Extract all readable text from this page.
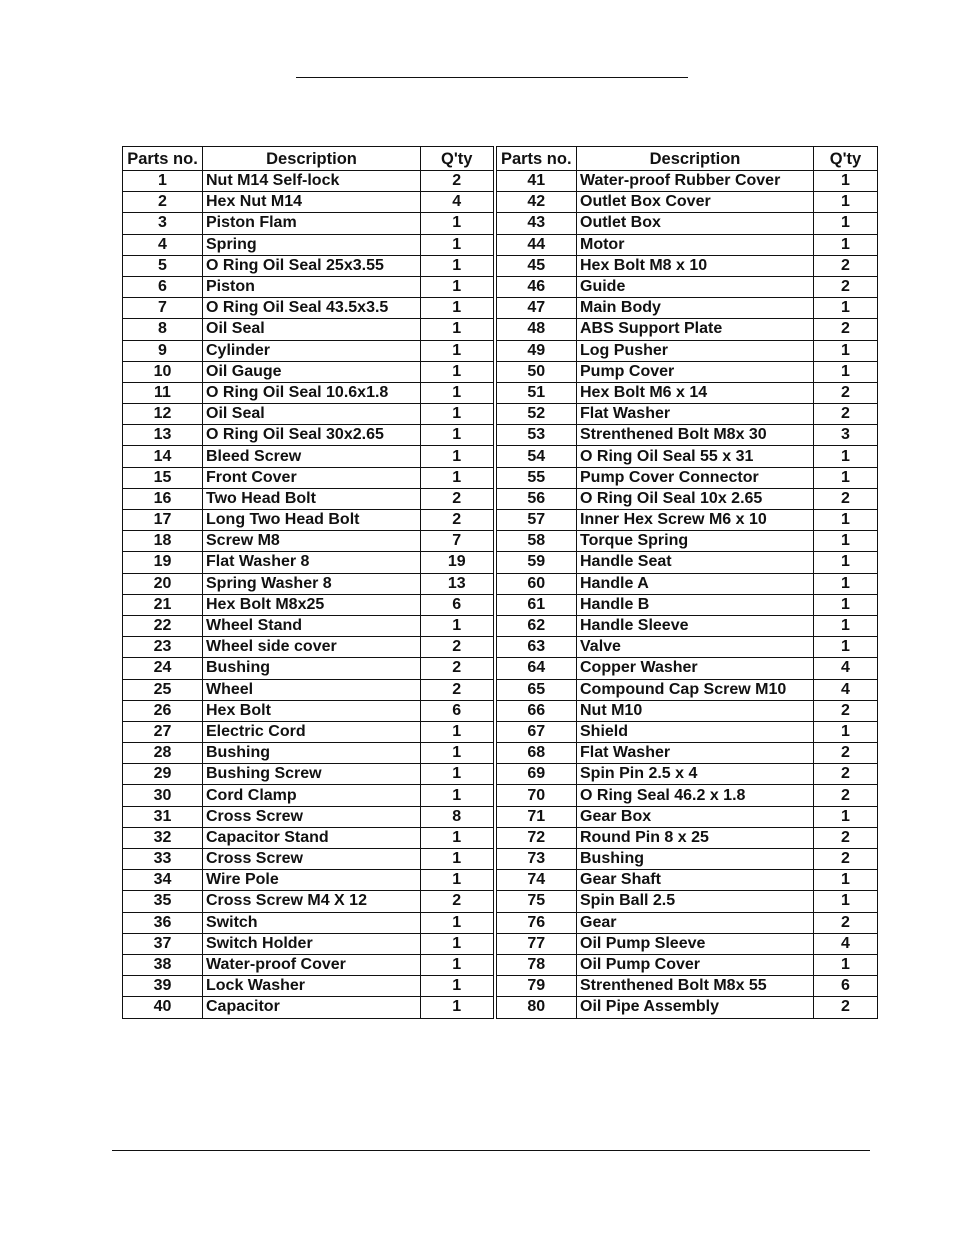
Parts no.	Description	Q'ty	Parts no.	Description	Q'ty
1	Nut M14 Self-lock	2	41	Water-proof Rubber Cover	1
2	Hex Nut M14	4	42	Outlet Box Cover	1
3	Piston Flam	1	43	Outlet Box	1
4	Spring	1	44	Motor	1
5	O Ring Oil Seal 25x3.55	1	45	Hex Bolt M8 x 10	2
6	Piston	1	46	Guide	2
7	O Ring Oil Seal 43.5x3.5	1	47	Main Body	1
8	Oil Seal	1	48	ABS Support Plate	2
9	Cylinder	1	49	Log Pusher	1
10	Oil Gauge	1	50	Pump Cover	1
11	O Ring Oil Seal 10.6x1.8	1	51	Hex Bolt M6 x 14	2
12	Oil Seal	1	52	Flat Washer	2
13	O Ring Oil Seal 30x2.65	1	53	Strenthened Bolt M8x 30	3
14	Bleed Screw	1	54	O Ring Oil Seal 55 x 31	1
15	Front Cover	1	55	Pump Cover Connector	1
16	Two Head Bolt	2	56	O Ring Oil Seal 10x 2.65	2
17	Long Two Head Bolt	2	57	Inner Hex Screw M6 x 10	1
18	Screw M8	7	58	Torque Spring	1
19	Flat Washer 8	19	59	Handle Seat	1
20	Spring Washer 8	13	60	Handle A	1
21	Hex Bolt M8x25	6	61	Handle B	1
22	Wheel Stand	1	62	Handle Sleeve	1
23	Wheel side cover	2	63	Valve	1
24	Bushing	2	64	Copper Washer	4
25	Wheel	2	65	Compound Cap Screw M10	4
26	Hex Bolt	6	66	Nut M10	2
27	Electric Cord	1	67	Shield	1
28	Bushing	1	68	Flat Washer	2
29	Bushing Screw	1	69	Spin Pin 2.5 x 4	2
30	Cord Clamp	1	70	O Ring Seal 46.2 x 1.8	2
31	Cross Screw	8	71	Gear Box	1
32	Capacitor Stand	1	72	Round Pin 8 x 25	2
33	Cross Screw	1	73	Bushing	2
34	Wire Pole	1	74	Gear Shaft	1
35	Cross Screw M4 X 12	2	75	Spin Ball 2.5	1
36	Switch	1	76	Gear	2
37	Switch Holder	1	77	Oil Pump Sleeve	4
38	Water-proof Cover	1	78	Oil Pump Cover	1
39	Lock Washer	1	79	Strenthened Bolt M8x 55	6
40	Capacitor	1	80	Oil Pipe Assembly	2
